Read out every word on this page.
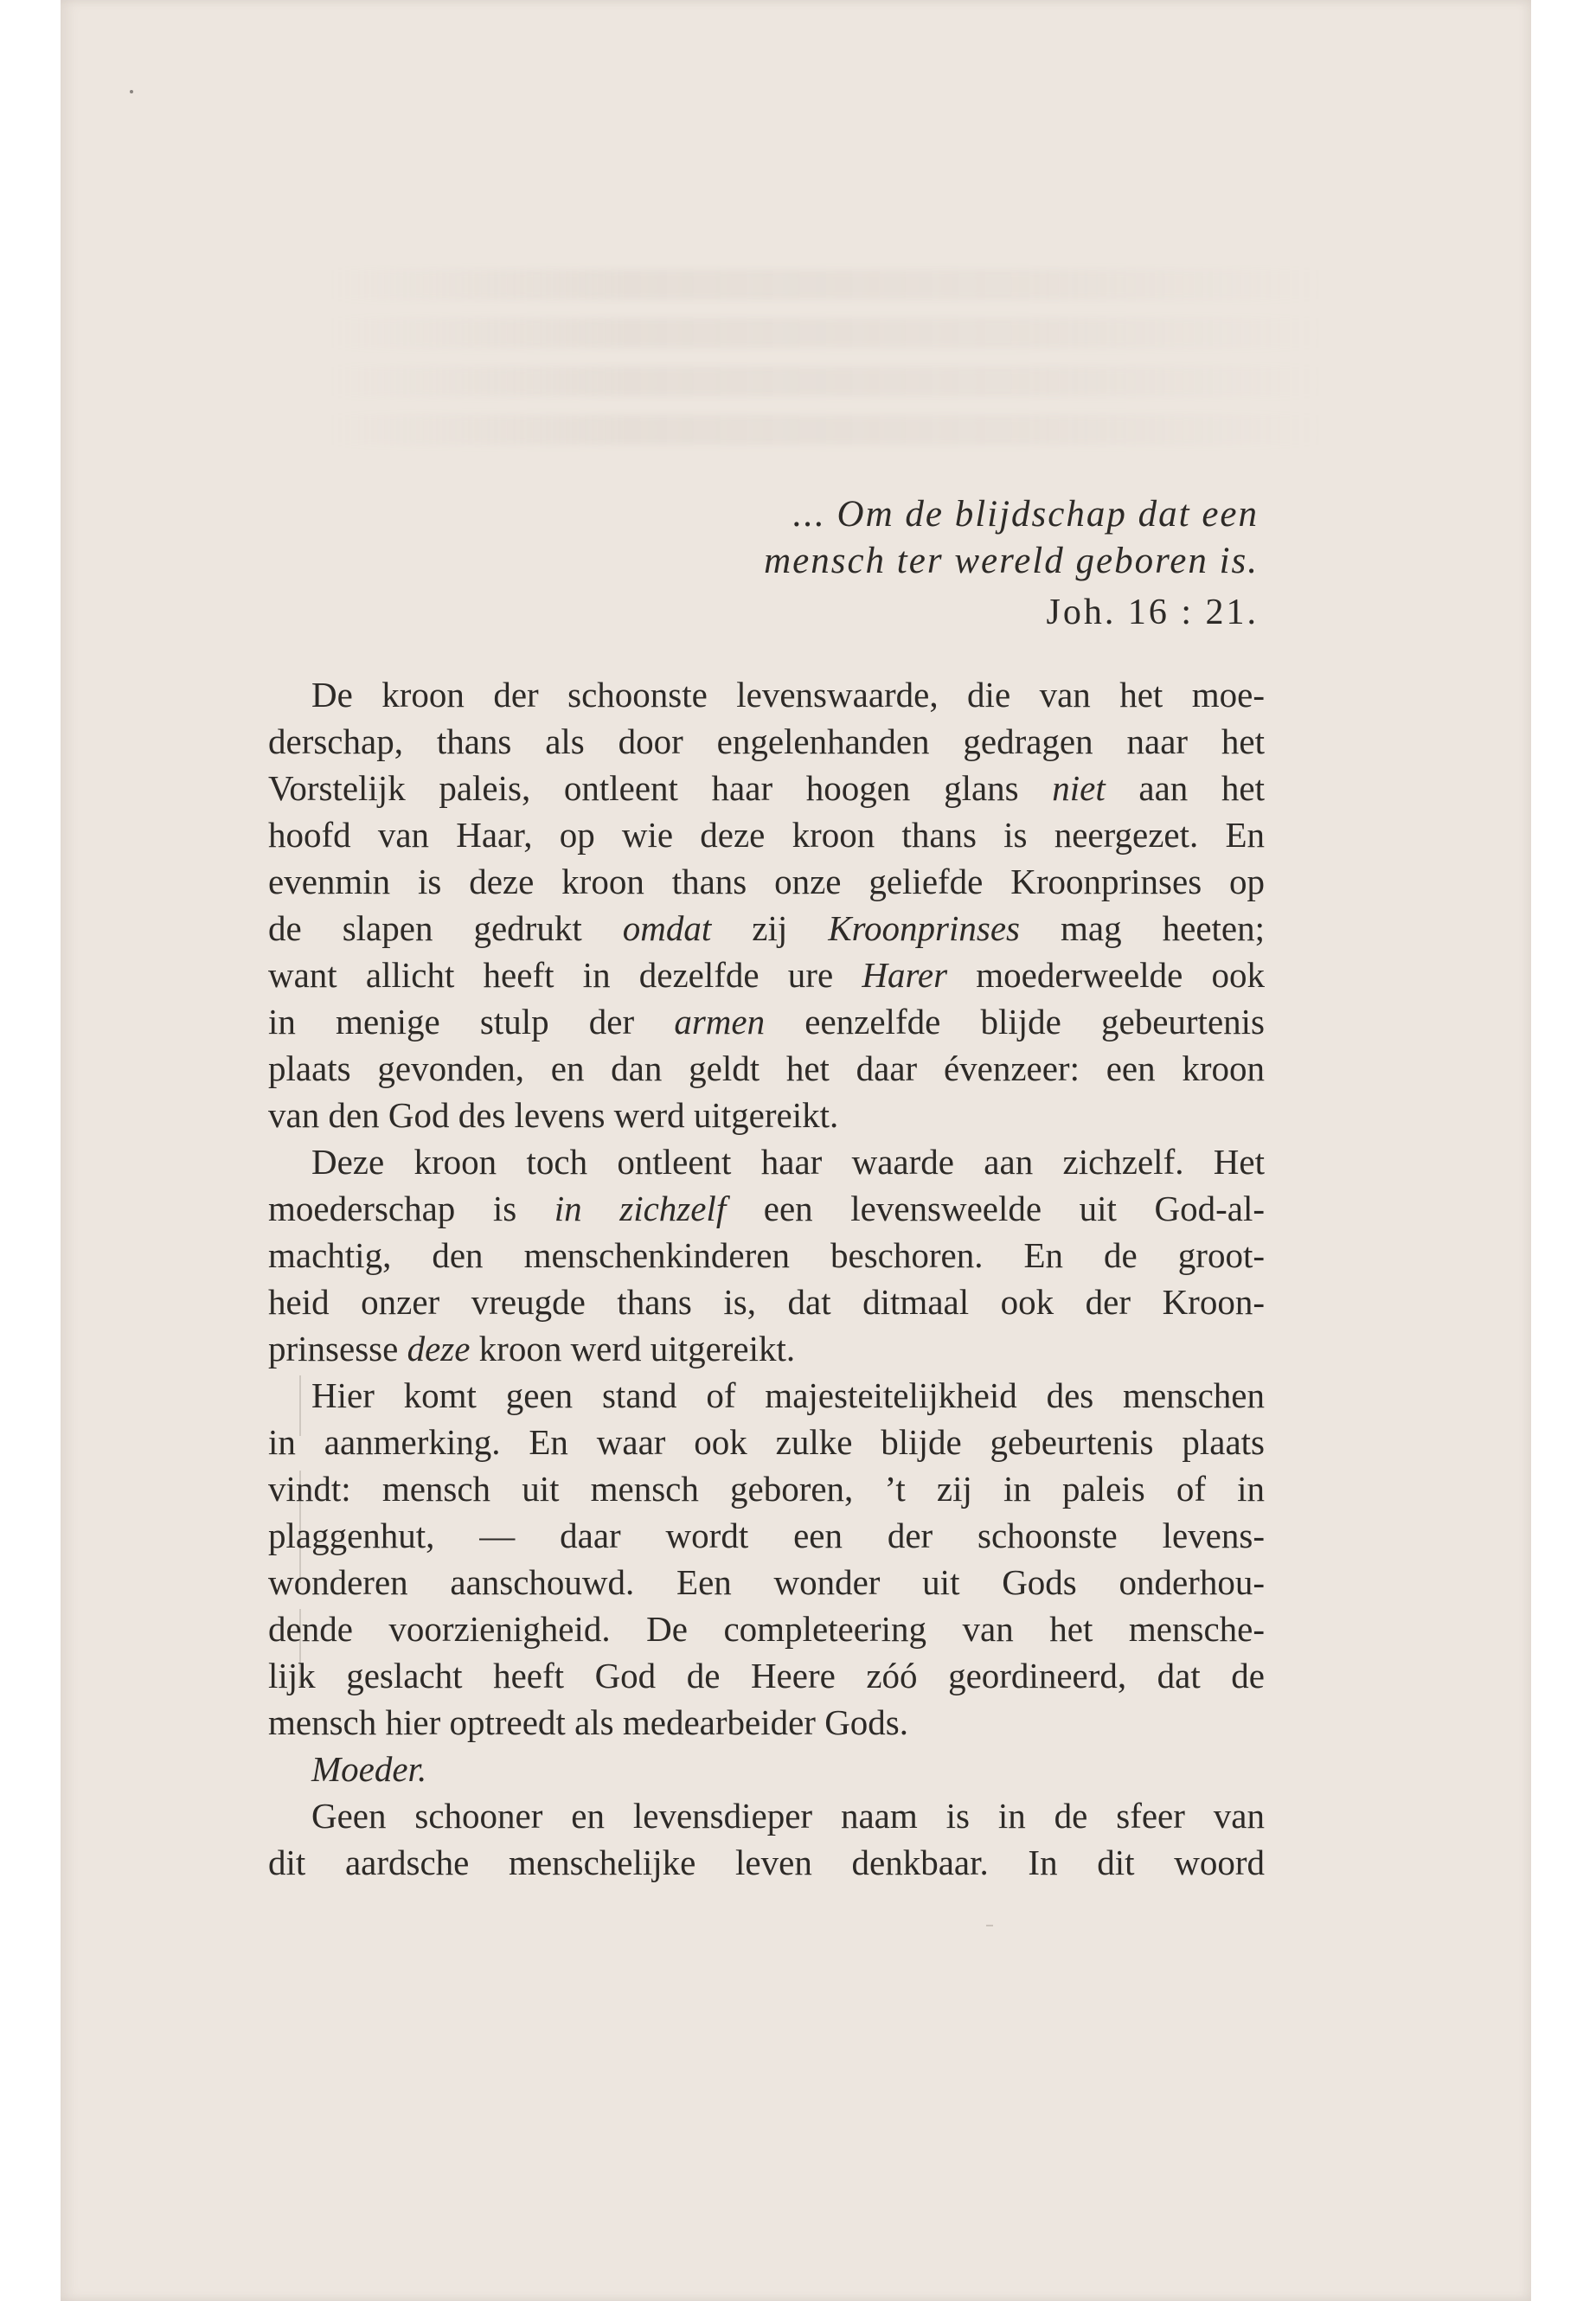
... Om de blijdschap dat een
mensch ter wereld geboren is.
Joh. 16 : 21.
De kroon der schoonste levenswaarde, die van het moe-
derschap, thans als door engelenhanden gedragen naar het
Vorstelijk paleis, ontleent haar hoogen glans niet aan het
hoofd van Haar, op wie deze kroon thans is neergezet. En
evenmin is deze kroon thans onze geliefde Kroonprinses op
de slapen gedrukt omdat zij Kroonprinses mag heeten;
want allicht heeft in dezelfde ure Harer moederweelde ook
in menige stulp der armen eenzelfde blijde gebeurtenis
plaats gevonden, en dan geldt het daar évenzeer: een kroon
van den God des levens werd uitgereikt.
Deze kroon toch ontleent haar waarde aan zichzelf. Het
moederschap is in zichzelf een levensweelde uit God-al-
machtig, den menschenkinderen beschoren. En de groot-
heid onzer vreugde thans is, dat ditmaal ook der Kroon-
prinsesse deze kroon werd uitgereikt.
Hier komt geen stand of majesteitelijkheid des menschen
in aanmerking. En waar ook zulke blijde gebeurtenis plaats
vindt: mensch uit mensch geboren, ’t zij in paleis of in
plaggenhut, — daar wordt een der schoonste levens-
wonderen aanschouwd. Een wonder uit Gods onderhou-
dende voorzienigheid. De completeering van het mensche-
lijk geslacht heeft God de Heere zóó geordineerd, dat de
mensch hier optreedt als medearbeider Gods.
Moeder.
Geen schooner en levensdieper naam is in de sfeer van
dit aardsche menschelijke leven denkbaar. In dit woord
